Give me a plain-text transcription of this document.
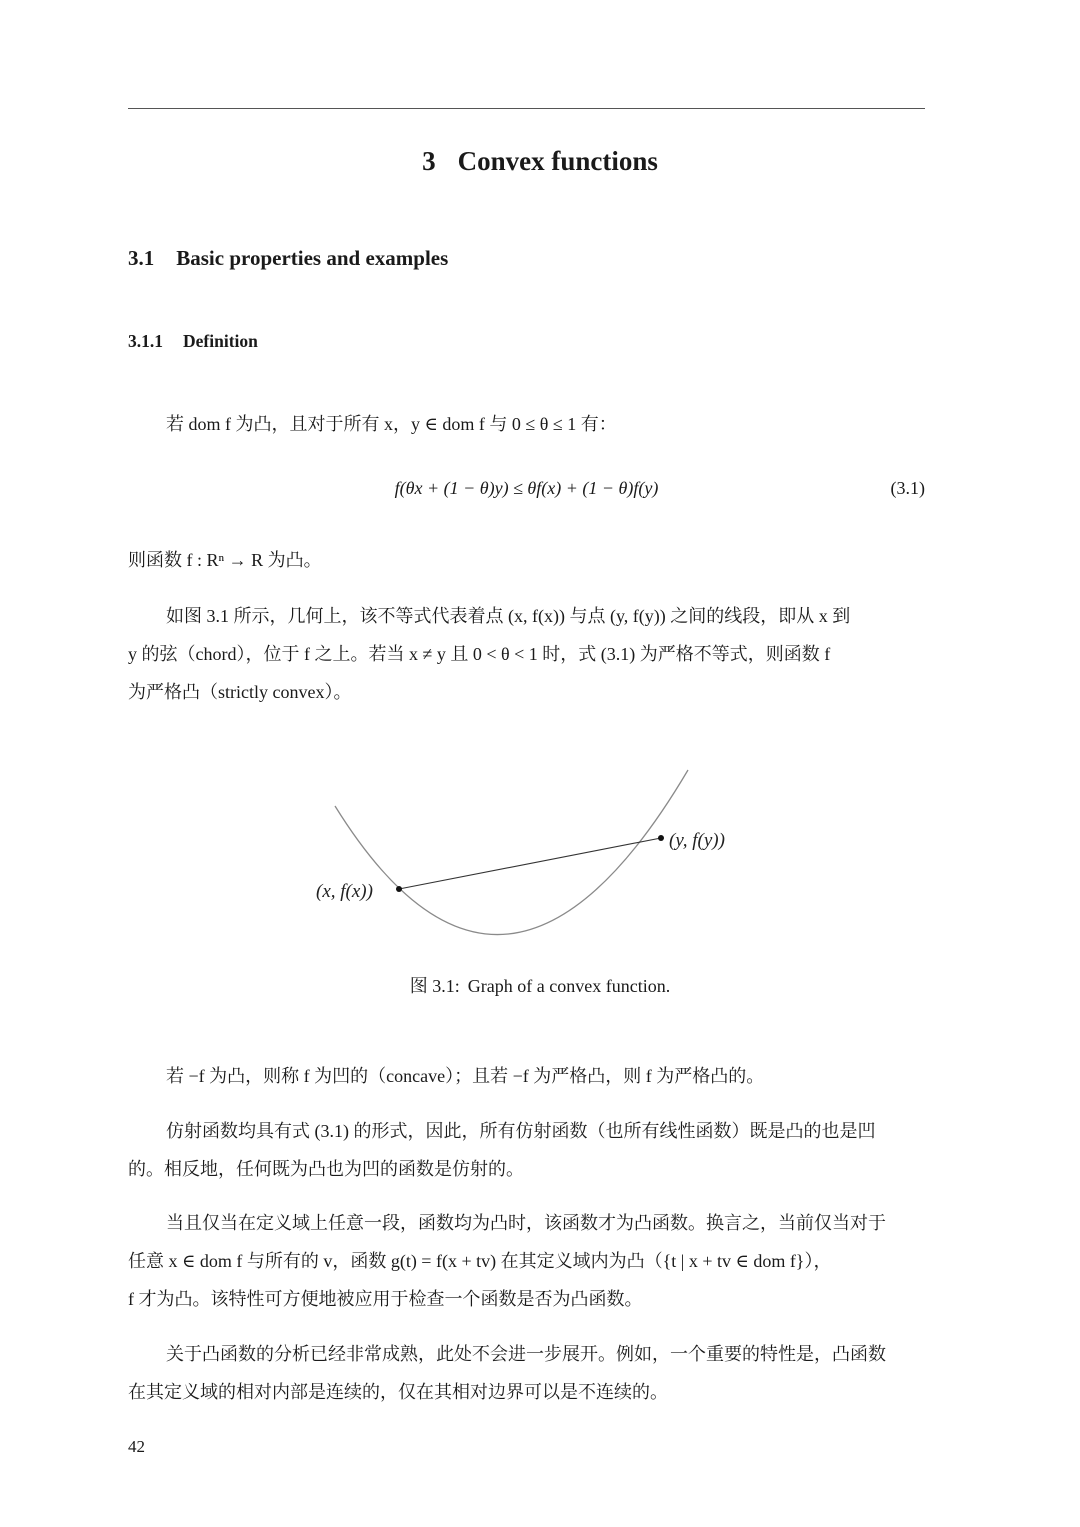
3 Convex functions
3.1 Basic properties and examples
3.1.1 Definition
若 dom f 为凸，且对于所有 x，y ∈ dom f 与 0 ≤ θ ≤ 1 有：
f(θx + (1 − θ)y) ≤ θf(x) + (1 − θ)f(y)	(3.1)
则函数 f : Rⁿ → R 为凸。
如图 3.1 所示，几何上，该不等式代表着点 (x, f(x)) 与点 (y, f(y)) 之间的线段，即从 x 到
y 的弦（chord），位于 f 之上。若当 x ≠ y 且 0 < θ < 1 时，式 (3.1) 为严格不等式，则函数 f
为严格凸（strictly convex）。
(x, f(x))
(y, f(y))
图 3.1: Graph of a convex function.
若 −f 为凸，则称 f 为凹的（concave）；且若 −f 为严格凸，则 f 为严格凸的。
仿射函数均具有式 (3.1) 的形式，因此，所有仿射函数（也所有线性函数）既是凸的也是凹
的。相反地，任何既为凸也为凹的函数是仿射的。
当且仅当在定义域上任意一段，函数均为凸时，该函数才为凸函数。换言之，当前仅当对于
任意 x ∈ dom f 与所有的 v，函数 g(t) = f(x + tv) 在其定义域内为凸（{t | x + tv ∈ dom f}），
f 才为凸。该特性可方便地被应用于检查一个函数是否为凸函数。
关于凸函数的分析已经非常成熟，此处不会进一步展开。例如，一个重要的特性是，凸函数
在其定义域的相对内部是连续的，仅在其相对边界可以是不连续的。
42
